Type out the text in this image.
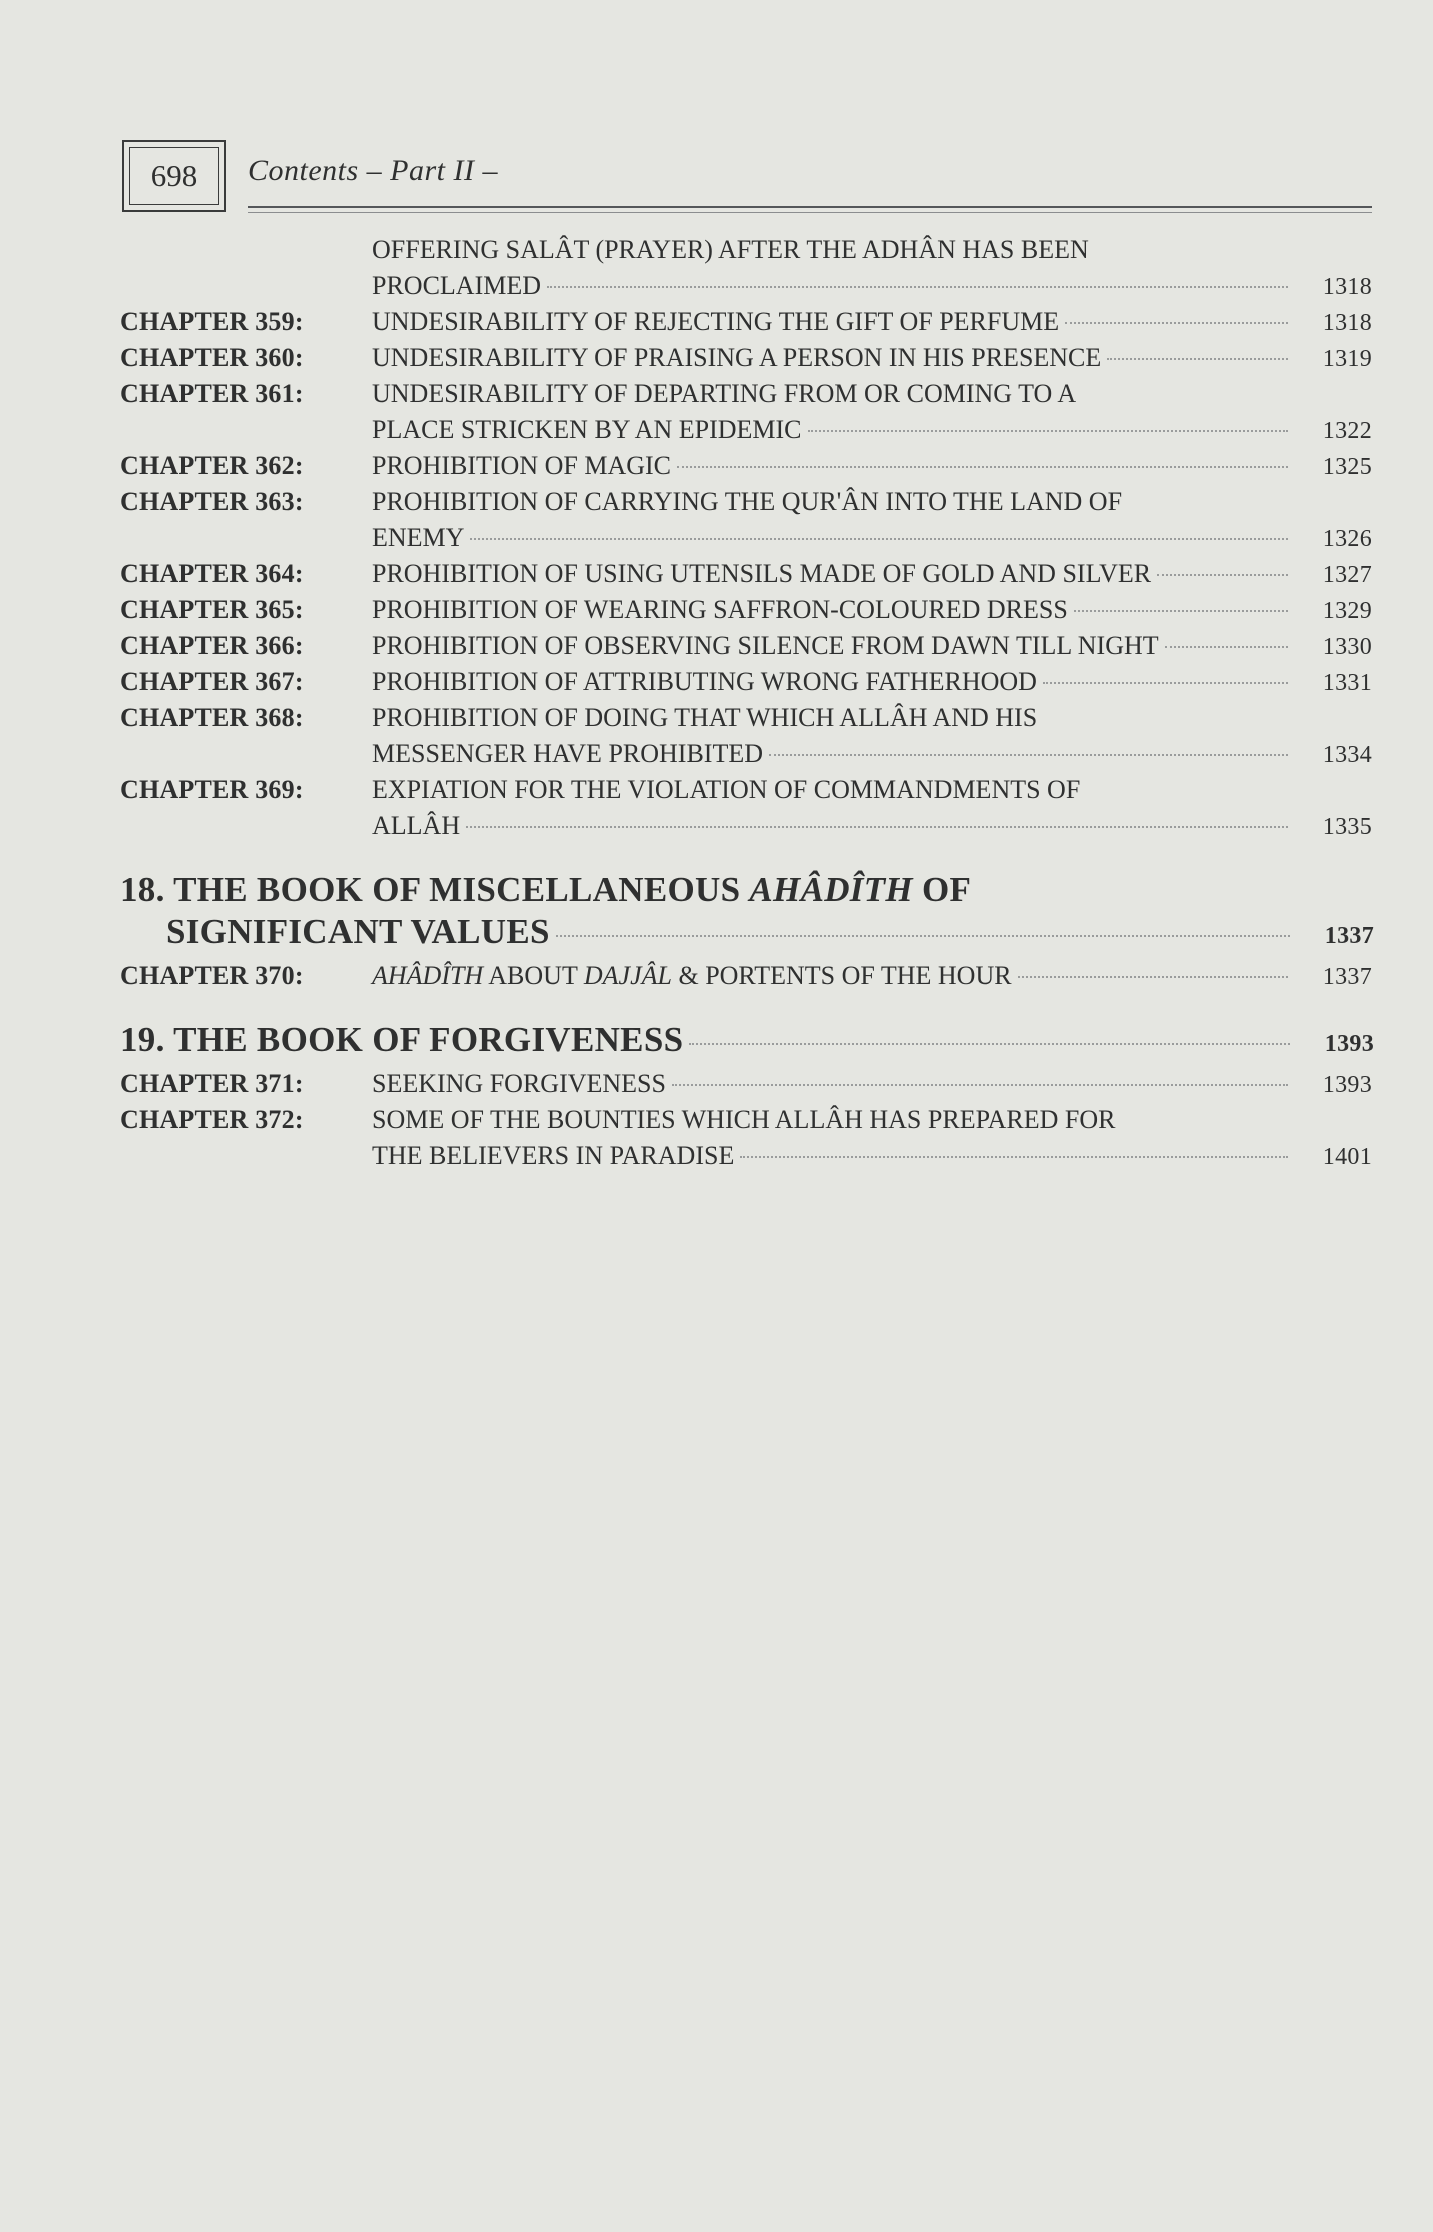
698	Contents – Part II –
OFFERING SALÂT (PRAYER) AFTER THE ADHÂN HAS BEEN
PROCLAIMED	1318
CHAPTER 359:	UNDESIRABILITY OF REJECTING THE GIFT OF PERFUME	1318
CHAPTER 360:	UNDESIRABILITY OF PRAISING A PERSON IN HIS PRESENCE	1319
CHAPTER 361:	UNDESIRABILITY OF DEPARTING FROM OR COMING TO A
PLACE STRICKEN BY AN EPIDEMIC	1322
CHAPTER 362:	PROHIBITION OF MAGIC	1325
CHAPTER 363:	PROHIBITION OF CARRYING THE QUR'ÂN INTO THE LAND OF
ENEMY	1326
CHAPTER 364:	PROHIBITION OF USING UTENSILS MADE OF GOLD AND SILVER	1327
CHAPTER 365:	PROHIBITION OF WEARING SAFFRON-COLOURED DRESS	1329
CHAPTER 366:	PROHIBITION OF OBSERVING SILENCE FROM DAWN TILL NIGHT	1330
CHAPTER 367:	PROHIBITION OF ATTRIBUTING WRONG FATHERHOOD	1331
CHAPTER 368:	PROHIBITION OF DOING THAT WHICH ALLÂH AND HIS
MESSENGER HAVE PROHIBITED	1334
CHAPTER 369:	EXPIATION FOR THE VIOLATION OF COMMANDMENTS OF
ALLÂH	1335
18. THE BOOK OF MISCELLANEOUS AHÂDÎTH OF
SIGNIFICANT VALUES	1337
CHAPTER 370:	AHÂDÎTH ABOUT DAJJÂL & PORTENTS OF THE HOUR	1337
19. THE BOOK OF FORGIVENESS	1393
CHAPTER 371:	SEEKING FORGIVENESS	1393
CHAPTER 372:	SOME OF THE BOUNTIES WHICH ALLÂH HAS PREPARED FOR
THE BELIEVERS IN PARADISE	1401
